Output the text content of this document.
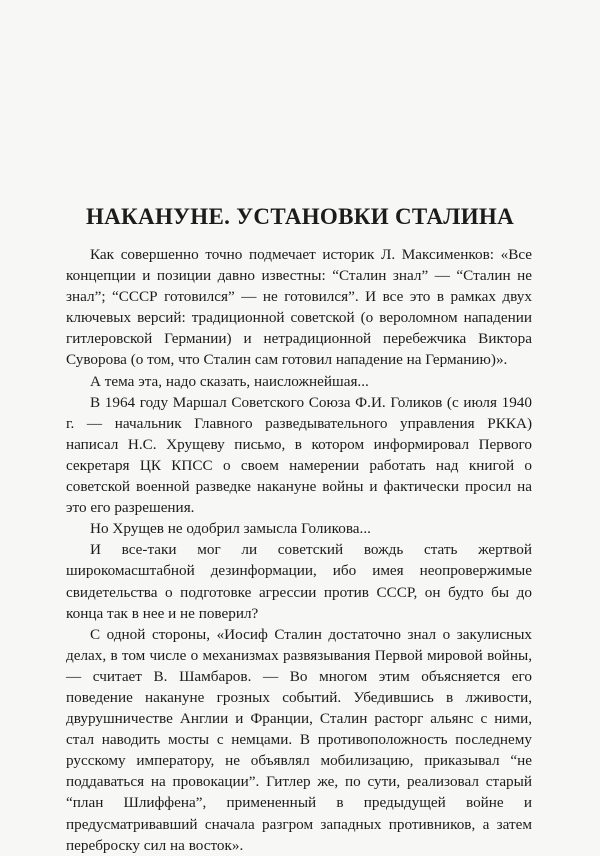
НАКАНУНЕ. УСТАНОВКИ СТАЛИНА

Как совершенно точно подмечает историк Л. Максименков: «Все концепции и позиции давно известны: “Сталин знал” — “Сталин не знал”; “СССР готовился” — не готовился”. И все это в рамках двух ключевых версий: традиционной советской (о вероломном нападении гитлеровской Германии) и нетрадиционной перебежчика Виктора Суворова (о том, что Сталин сам готовил нападение на Германию)».

А тема эта, надо сказать, наисложнейшая...

В 1964 году Маршал Советского Союза Ф.И. Голиков (с июля 1940 г. — начальник Главного разведывательного управления РККА) написал Н.С. Хрущеву письмо, в котором информировал Первого секретаря ЦК КПСС о своем намерении работать над книгой о советской военной разведке накануне войны и фактически просил на это его разрешения.

Но Хрущев не одобрил замысла Голикова...

И все-таки мог ли советский вождь стать жертвой широкомасштабной дезинформации, ибо имея неопровержимые свидетельства о подготовке агрессии против СССР, он будто бы до конца так в нее и не поверил?

С одной стороны, «Иосиф Сталин достаточно знал о закулисных делах, в том числе о механизмах развязывания Первой мировой войны, — считает В. Шамбаров. — Во многом этим объясняется его поведение накануне грозных событий. Убедившись в лживости, двурушничестве Англии и Франции, Сталин расторг альянс с ними, стал наводить мосты с немцами. В противоположность последнему русскому императору, не объявлял мобилизацию, приказывал “не поддаваться на провокации”. Гитлер же, по сути, реализовал старый “план Шлиффена”, примененный в предыдущей войне и предусматривавший сначала разгром западных противников, а затем переброску сил на восток».
